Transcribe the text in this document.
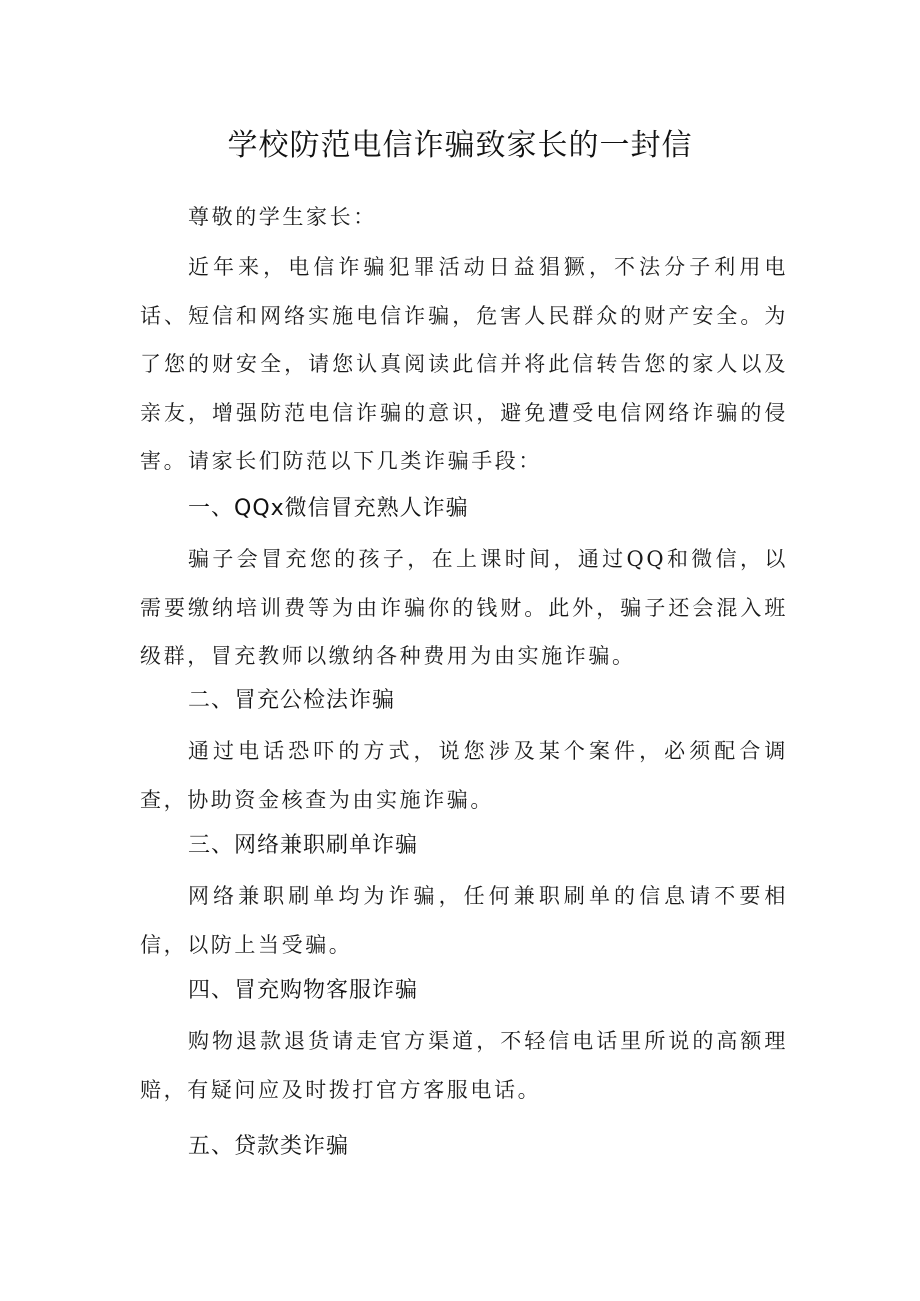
学校防范电信诈骗致家长的一封信

尊敬的学生家长：

近年来，电信诈骗犯罪活动日益猖獗，不法分子利用电话、短信和网络实施电信诈骗，危害人民群众的财产安全。为了您的财安全，请您认真阅读此信并将此信转告您的家人以及亲友，增强防范电信诈骗的意识，避免遭受电信网络诈骗的侵害。 请家长们防范以下几类诈骗手段：

一、QQx微信冒充熟人诈骗

骗子会冒充您的孩子，在上课时间，通过QQ和微信，以需要缴纳培训费等为由诈骗你的钱财。此外，骗子还会混入班级群，冒充教师以缴纳各种费用为由实施诈骗。

二、冒充公检法诈骗

通过电话恐吓的方式，说您涉及某个案件，必须配合调查，协助资金核查为由实施诈骗。

三、网络兼职刷单诈骗

网络兼职刷单均为诈骗，任何兼职刷单的信息请不要相信，以防上当受骗。

四、冒充购物客服诈骗

购物退款退货请走官方渠道，不轻信电话里所说的高额理赔，有疑问应及时拨打官方客服电话。

五、贷款类诈骗
